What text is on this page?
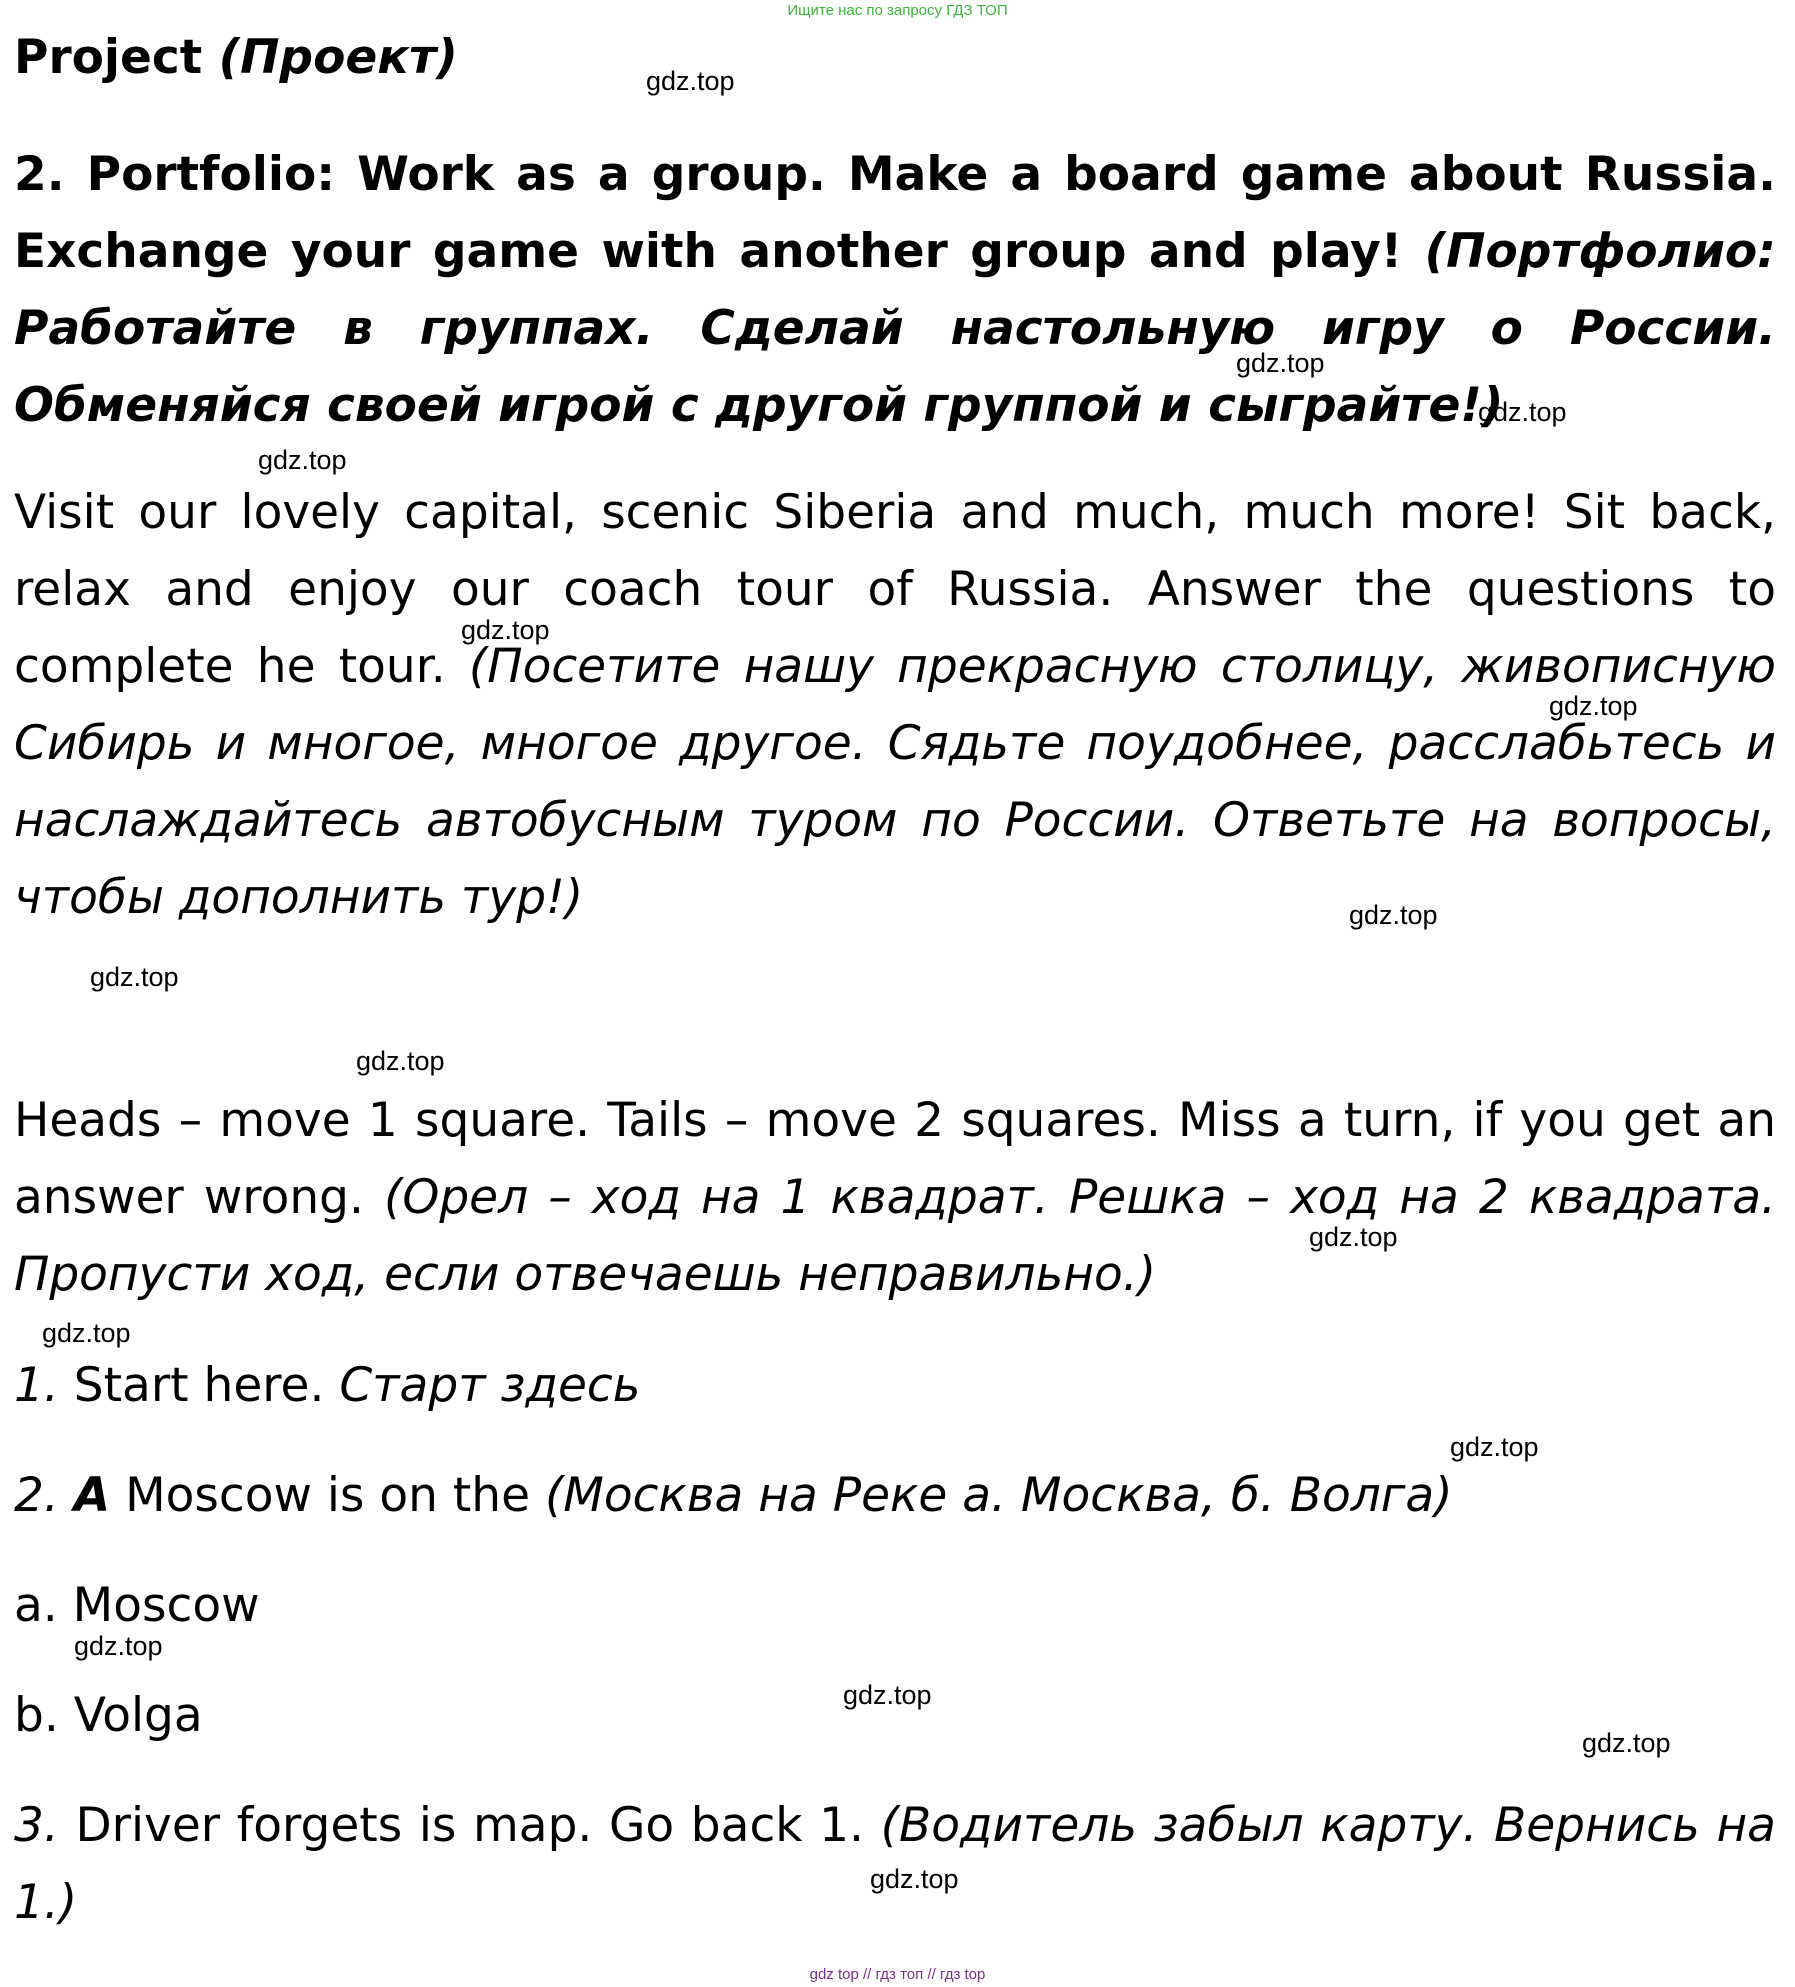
Ищите нас по запросу ГДЗ ТОП
Project (Проект)
2. Portfolio: Work as a group. Make a board game about Russia. Exchange your game with another group and play! (Портфолио: Работайте в группах. Сделай настольную игру о России. Обменяйся своей игрой с другой группой и сыграйте!)
Visit our lovely capital, scenic Siberia and much, much more! Sit back, relax and enjoy our coach tour of Russia. Answer the questions to complete he tour. (Посетите нашу прекрасную столицу, живописную Сибирь и многое, многое другое. Сядьте поудобнее, расслабьтесь и наслаждайтесь автобусным туром по России. Ответьте на вопросы, чтобы дополнить тур!)
Heads – move 1 square. Tails – move 2 squares. Miss a turn, if you get an answer wrong. (Орел – ход на 1 квадрат. Решка – ход на 2 квадрата. Пропусти ход, если отвечаешь неправильно.)
1. Start here. Старт здесь
2. A Moscow is on the (Москва на Реке а. Москва, б. Волга)
a. Moscow
b. Volga
3. Driver forgets is map. Go back 1. (Водитель забыл карту. Вернись на 1.)
gdz.top
gdz.top
gdz.top
gdz.top
gdz.top
gdz.top
gdz.top
gdz.top
gdz.top
gdz.top
gdz.top
gdz.top
gdz.top
gdz.top
gdz.top
gdz.top
gdz top // гдз топ // гдз top
